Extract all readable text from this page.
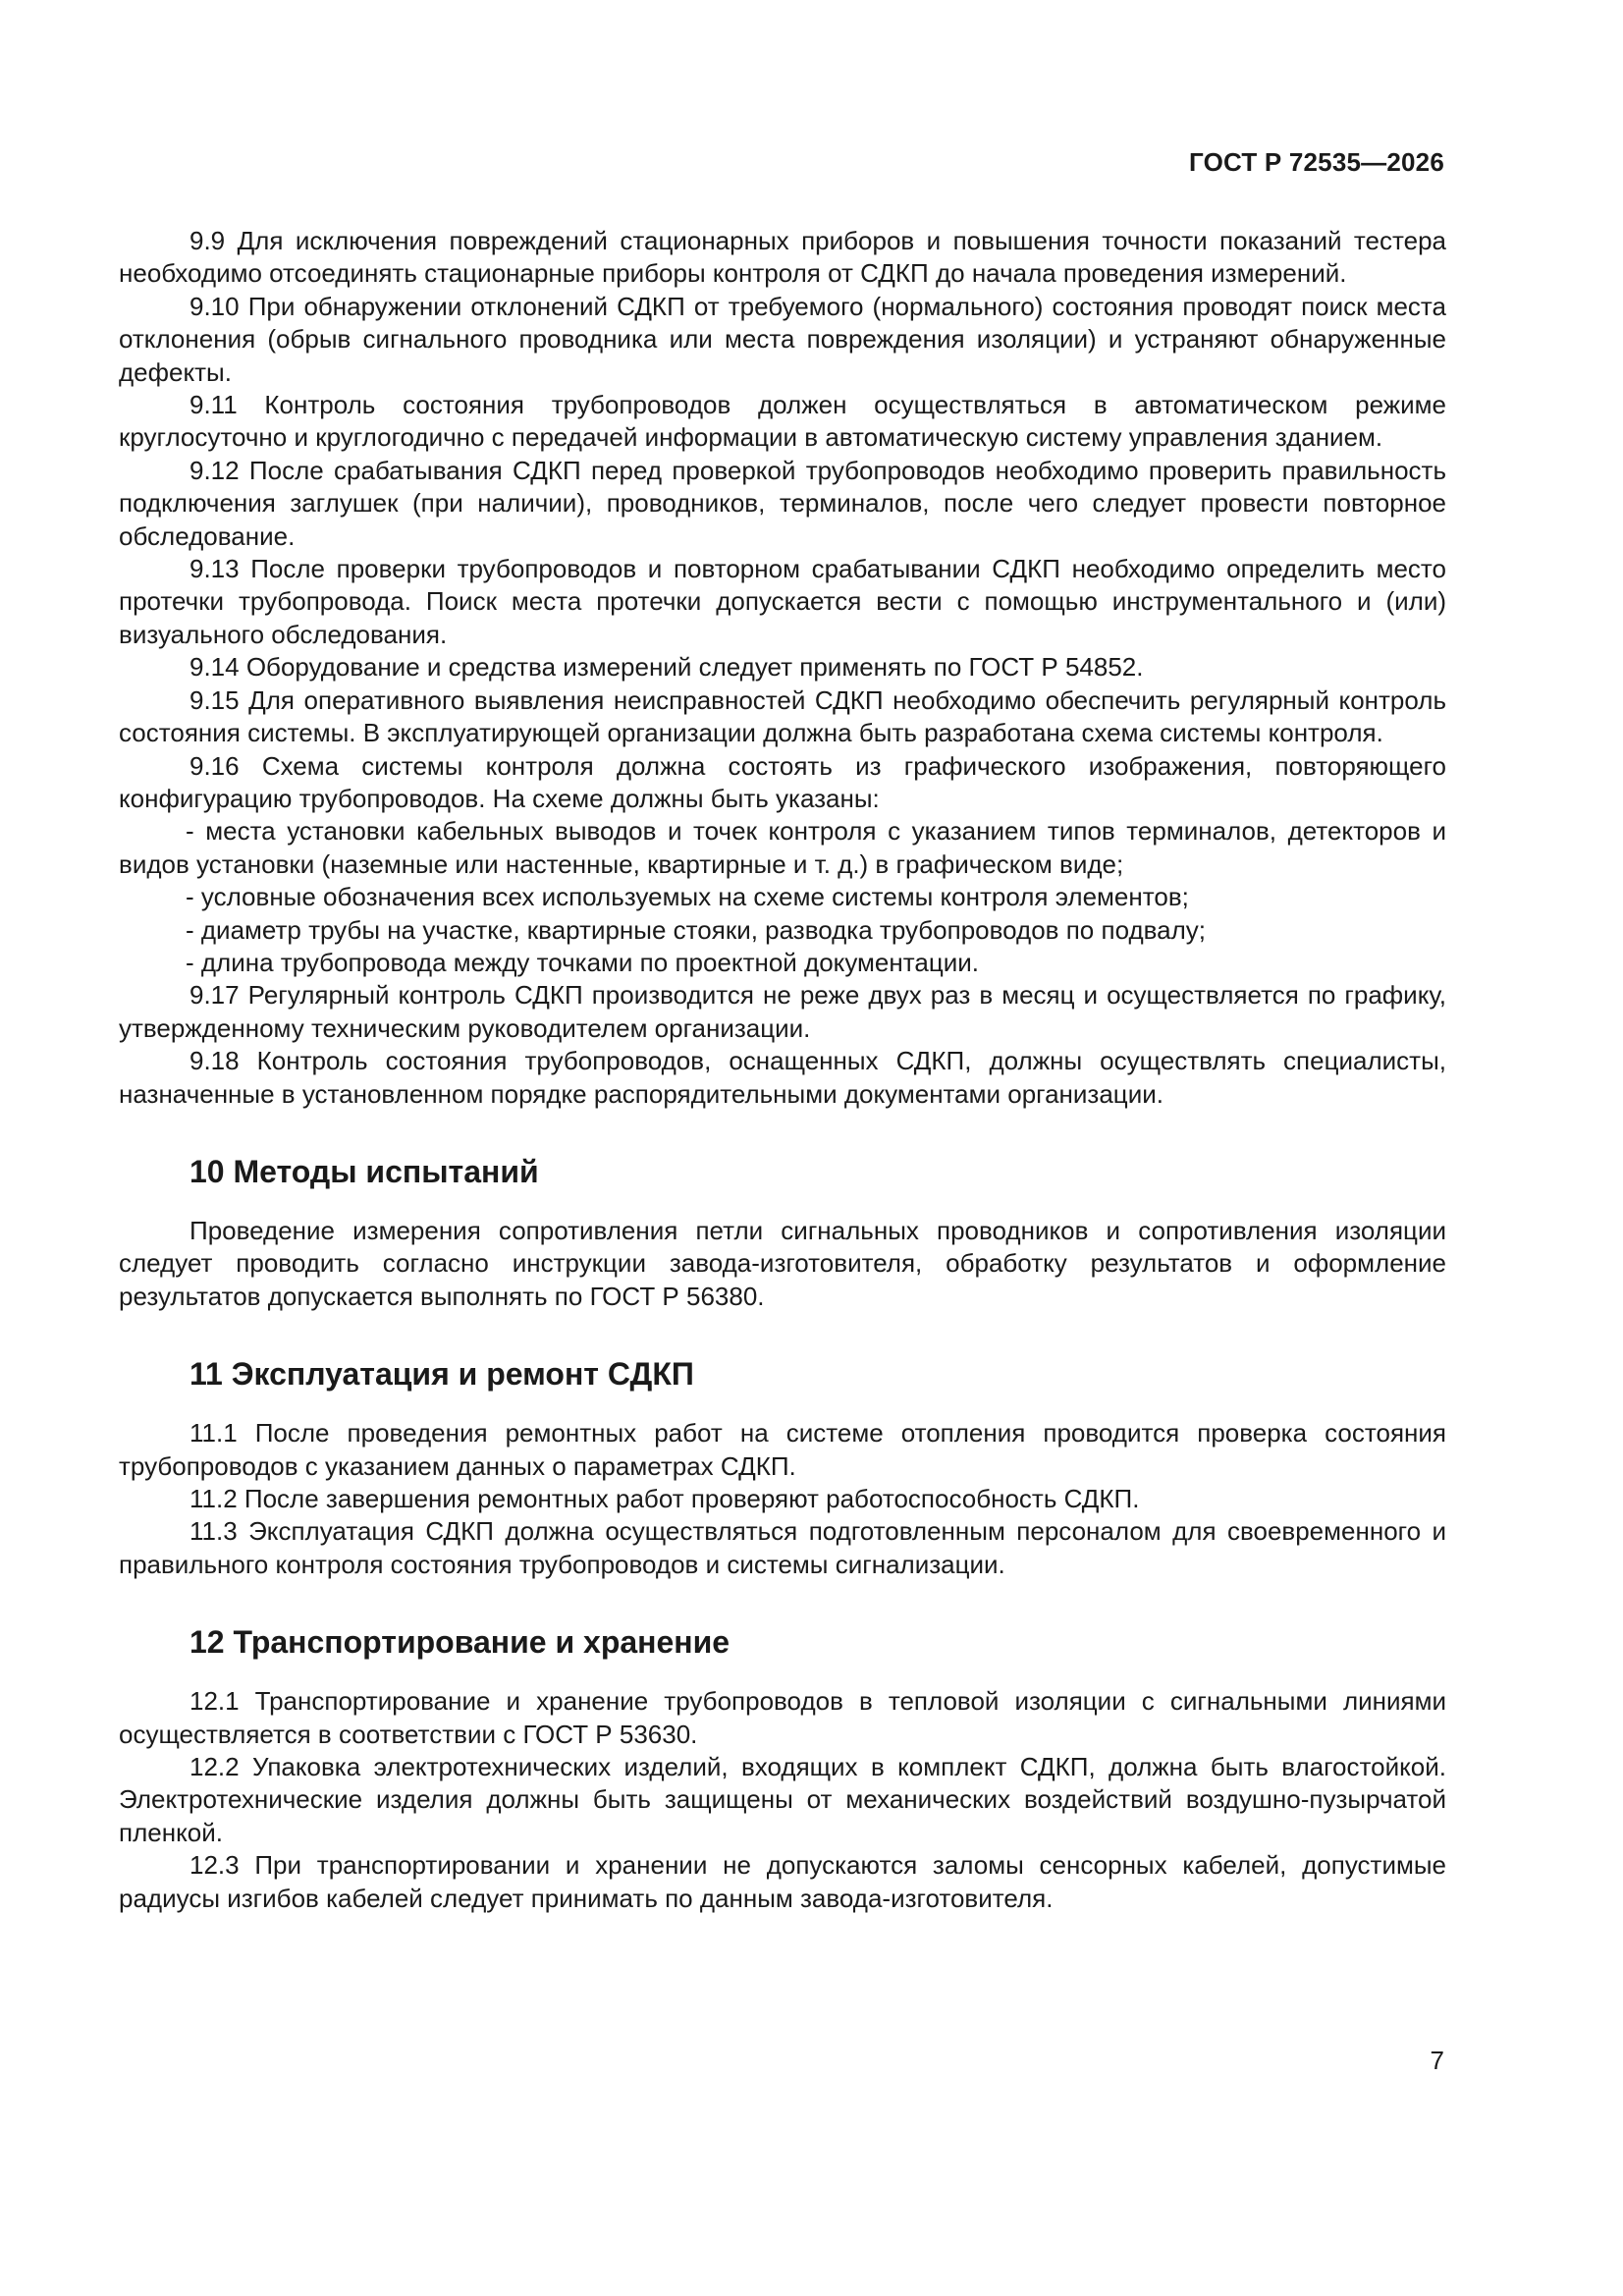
ГОСТ Р 72535—2026

9.9 Для исключения повреждений стационарных приборов и повышения точности показаний тестера необходимо отсоединять стационарные приборы контроля от СДКП до начала проведения измерений.

9.10 При обнаружении отклонений СДКП от требуемого (нормального) состояния проводят поиск места отклонения (обрыв сигнального проводника или места повреждения изоляции) и устраняют обнаруженные дефекты.

9.11 Контроль состояния трубопроводов должен осуществляться в автоматическом режиме круглосуточно и круглогодично с передачей информации в автоматическую систему управления зданием.

9.12 После срабатывания СДКП перед проверкой трубопроводов необходимо проверить правильность подключения заглушек (при наличии), проводников, терминалов, после чего следует провести повторное обследование.

9.13 После проверки трубопроводов и повторном срабатывании СДКП необходимо определить место протечки трубопровода. Поиск места протечки допускается вести с помощью инструментального и (или) визуального обследования.

9.14 Оборудование и средства измерений следует применять по ГОСТ Р 54852.

9.15 Для оперативного выявления неисправностей СДКП необходимо обеспечить регулярный контроль состояния системы. В эксплуатирующей организации должна быть разработана схема системы контроля.

9.16 Схема системы контроля должна состоять из графического изображения, повторяющего конфигурацию трубопроводов. На схеме должны быть указаны:

- места установки кабельных выводов и точек контроля с указанием типов терминалов, детекторов и видов установки (наземные или настенные, квартирные и т. д.) в графическом виде;

- условные обозначения всех используемых на схеме системы контроля элементов;

- диаметр трубы на участке, квартирные стояки, разводка трубопроводов по подвалу;

- длина трубопровода между точками по проектной документации.

9.17 Регулярный контроль СДКП производится не реже двух раз в месяц и осуществляется по графику, утвержденному техническим руководителем организации.

9.18 Контроль состояния трубопроводов, оснащенных СДКП, должны осуществлять специалисты, назначенные в установленном порядке распорядительными документами организации.

10 Методы испытаний

Проведение измерения сопротивления петли сигнальных проводников и сопротивления изоляции следует проводить согласно инструкции завода-изготовителя, обработку результатов и оформление результатов допускается выполнять по ГОСТ Р 56380.

11 Эксплуатация и ремонт СДКП

11.1 После проведения ремонтных работ на системе отопления проводится проверка состояния трубопроводов с указанием данных о параметрах СДКП.

11.2 После завершения ремонтных работ проверяют работоспособность СДКП.

11.3 Эксплуатация СДКП должна осуществляться подготовленным персоналом для своевременного и правильного контроля состояния трубопроводов и системы сигнализации.

12 Транспортирование и хранение

12.1 Транспортирование и хранение трубопроводов в тепловой изоляции с сигнальными линиями осуществляется в соответствии с ГОСТ Р 53630.

12.2 Упаковка электротехнических изделий, входящих в комплект СДКП, должна быть влагостойкой. Электротехнические изделия должны быть защищены от механических воздействий воздушно-пузырчатой пленкой.

12.3 При транспортировании и хранении не допускаются заломы сенсорных кабелей, допустимые радиусы изгибов кабелей следует принимать по данным завода-изготовителя.

7
